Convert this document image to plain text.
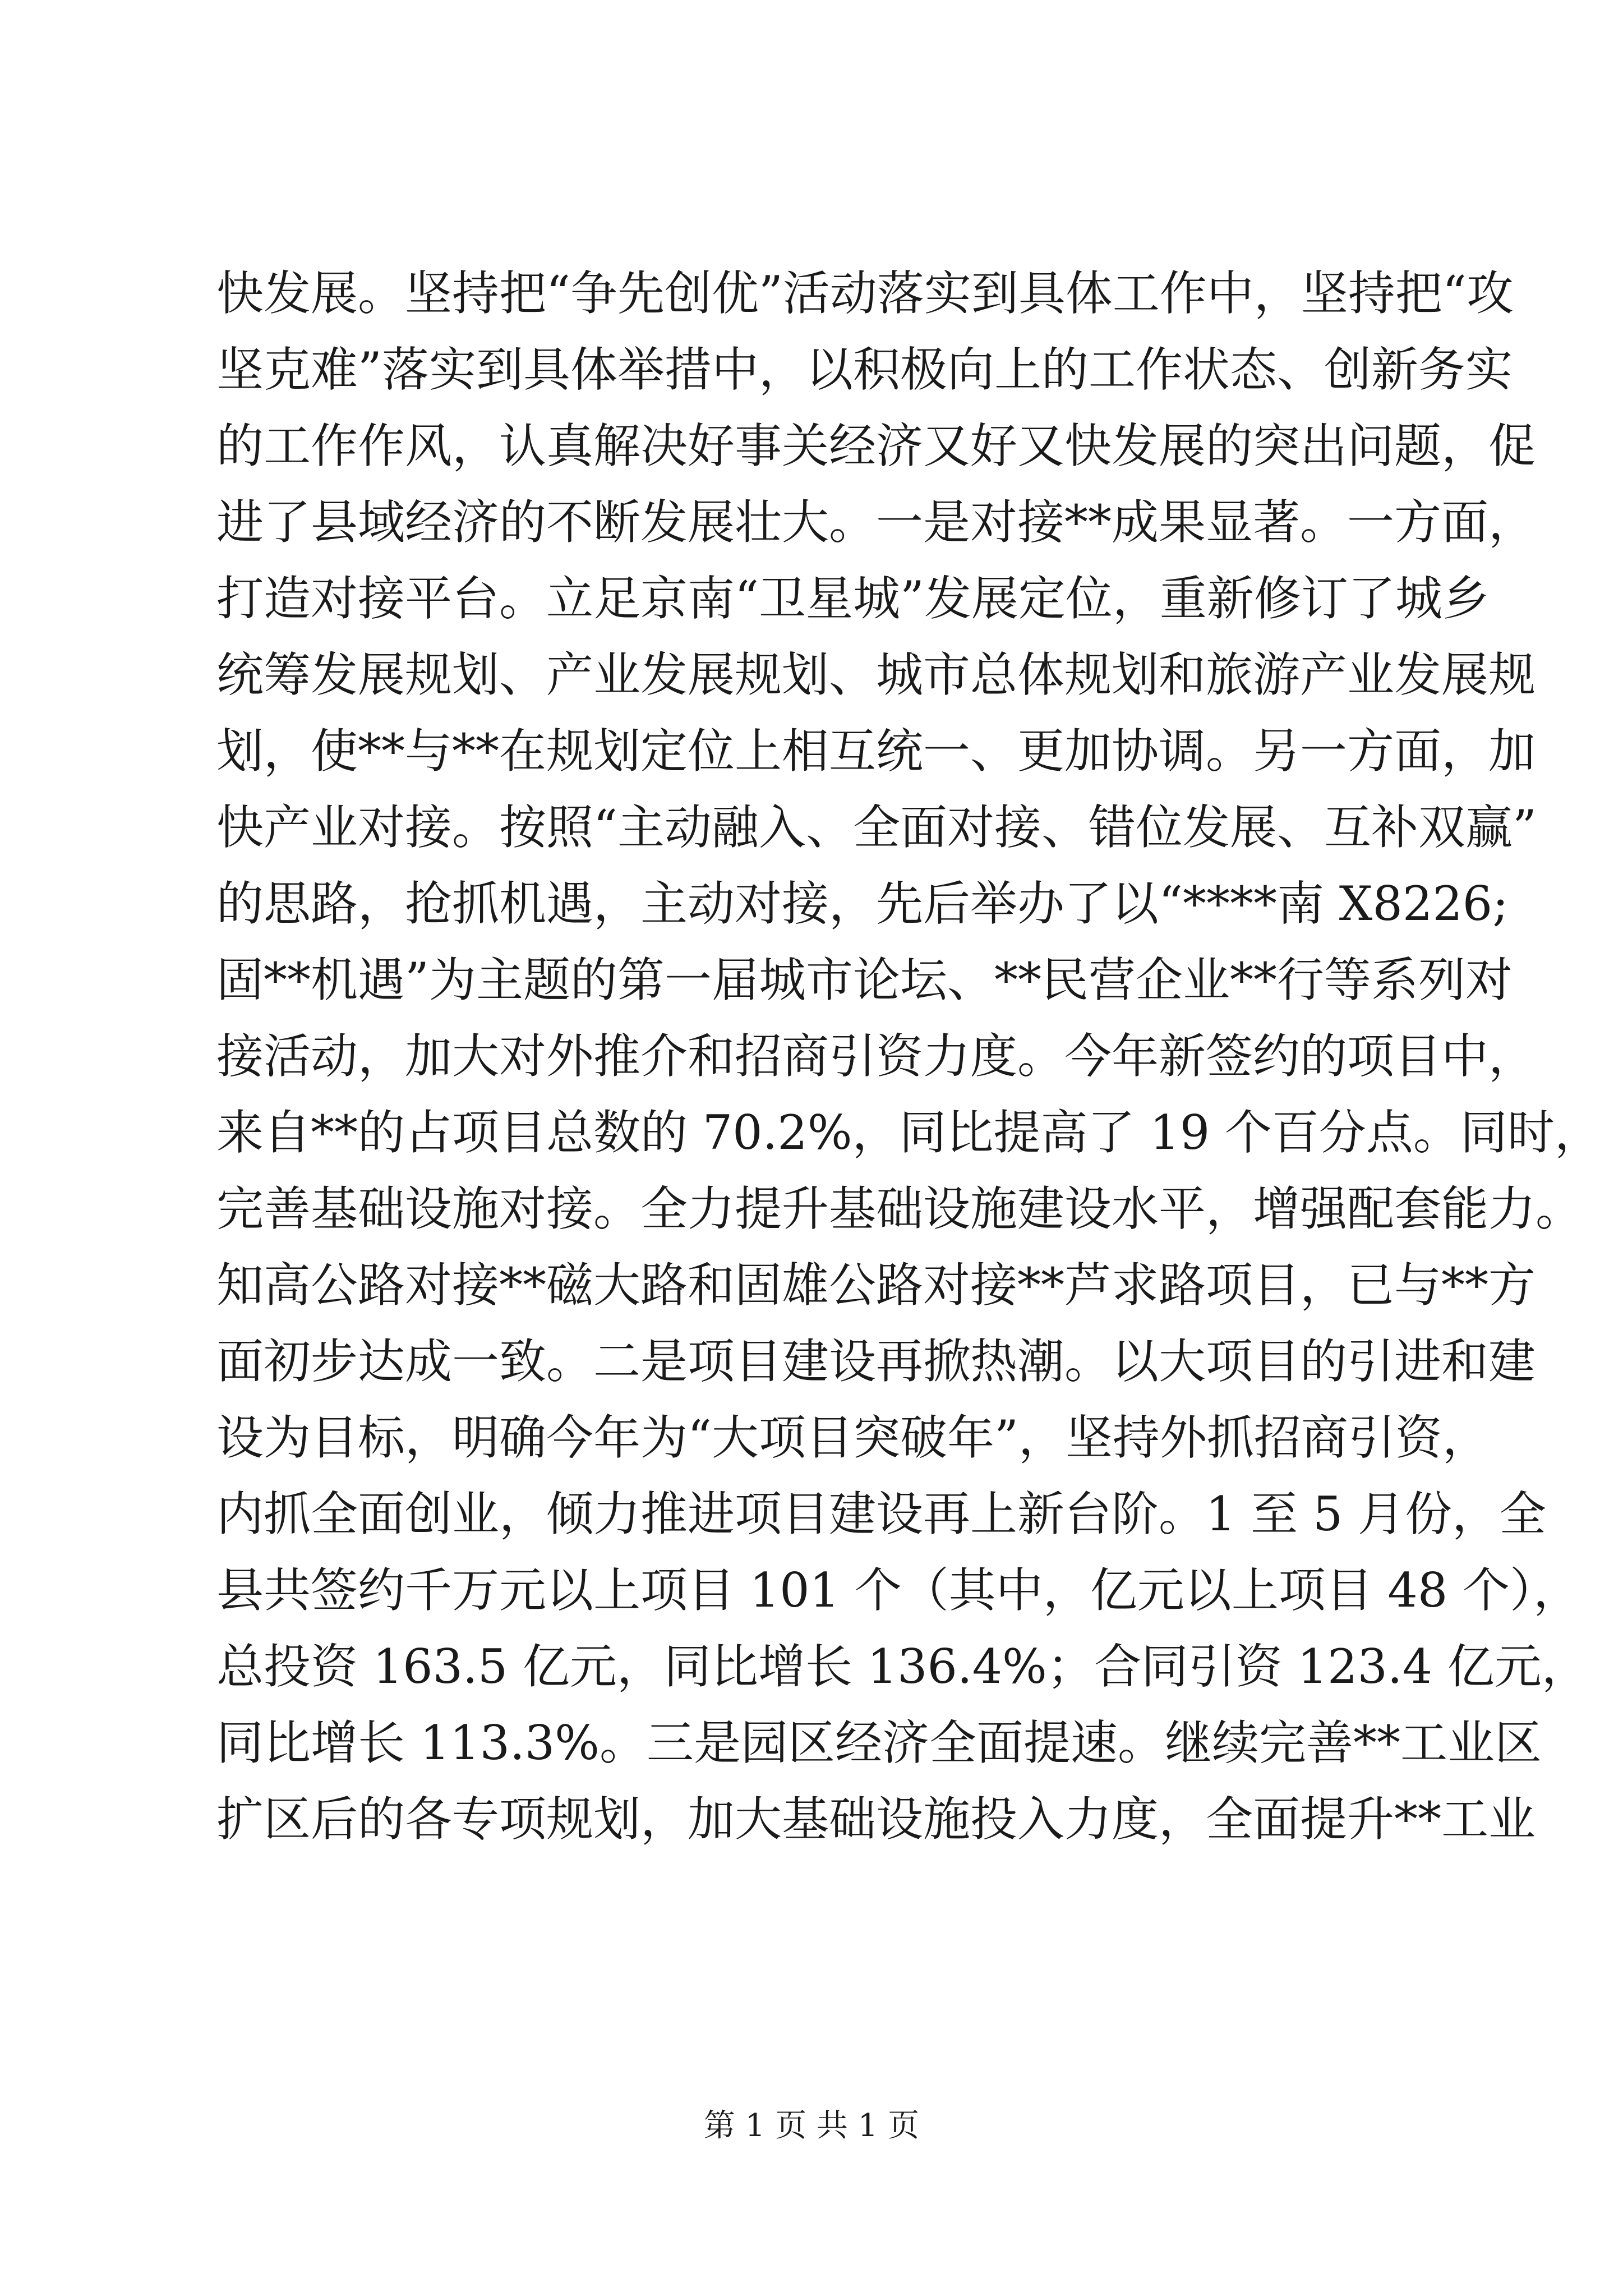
快发展。坚持把“争先创优”活动落实到具体工作中，坚持把“攻
坚克难”落实到具体举措中，以积极向上的工作状态、创新务实
的工作作风，认真解决好事关经济又好又快发展的突出问题，促
进了县域经济的不断发展壮大。一是对接**成果显著。一方面，
打造对接平台。立足京南“卫星城”发展定位，重新修订了城乡
统筹发展规划、产业发展规划、城市总体规划和旅游产业发展规
划，使**与**在规划定位上相互统一、更加协调。另一方面，加
快产业对接。按照“主动融入、全面对接、错位发展、互补双赢”
的思路，抢抓机遇，主动对接，先后举办了以“****南 X8226;
固**机遇”为主题的第一届城市论坛、**民营企业**行等系列对
接活动，加大对外推介和招商引资力度。今年新签约的项目中，
来自**的占项目总数的 70.2%，同比提高了 19 个百分点。同时，
完善基础设施对接。全力提升基础设施建设水平，增强配套能力。
知高公路对接**磁大路和固雄公路对接**芦求路项目，已与**方
面初步达成一致。二是项目建设再掀热潮。以大项目的引进和建
设为目标，明确今年为“大项目突破年”，坚持外抓招商引资，
内抓全面创业，倾力推进项目建设再上新台阶。1 至 5 月份，全
县共签约千万元以上项目 101 个（其中，亿元以上项目 48 个），
总投资 163.5 亿元，同比增长 136.4%；合同引资 123.4 亿元，
同比增长 113.3%。三是园区经济全面提速。继续完善**工业区
扩区后的各专项规划，加大基础设施投入力度，全面提升**工业
第 1 页 共 1 页
